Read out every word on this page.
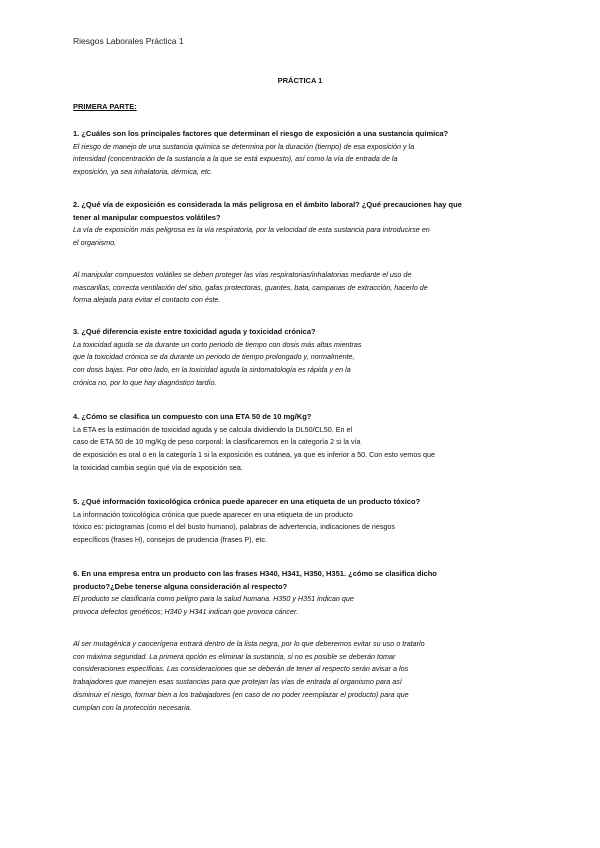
Riesgos Laborales Práctica 1
PRÁCTICA 1
PRIMERA PARTE:
1. ¿Cuáles son los principales factores que determinan el riesgo de exposición a una sustancia química?
El riesgo de manejo de una sustancia química se determina por la duración (tiempo) de esa exposición y la
intensidad (concentración de la sustancia a la que se está expuesto), así como la vía de entrada de la
exposición, ya sea inhalatoria, dérmica, etc.
2. ¿Qué vía de exposición es considerada la más peligrosa en el ámbito laboral? ¿Qué precauciones hay que
tener al manipular compuestos volátiles?
La vía de exposición más peligrosa es la vía respiratoria, por la velocidad de esta sustancia para introducirse en
el organismo.
Al manipular compuestos volátiles se deben proteger las vías respiratorias/inhalatorias mediante el uso de
mascarillas, correcta ventilación del sitio, gafas protectoras, guantes, bata, campanas de extracción, hacerlo de
forma alejada para evitar el contacto con éste.
3. ¿Qué diferencia existe entre toxicidad aguda y toxicidad crónica?
La toxicidad aguda se da durante un corto periodo de tiempo con dosis más altas mientras
que la toxicidad crónica se da durante un periodo de tiempo prolongado y, normalmente,
con dosis bajas. Por otro lado, en la toxicidad aguda la sintomatología es rápida y en la
crónica no, por lo que hay diagnóstico tardío.
4. ¿Cómo se clasifica un compuesto con una ETA 50 de 10 mg/Kg?
La ETA es la estimación de toxicidad aguda y se calcula dividiendo la DL50/CL50. En el
caso de ETA 50 de 10 mg/Kg de peso corporal: la clasificaremos en la categoría 2 si la vía
de exposición es oral o en la categoría 1 si la exposición es cutánea, ya que es inferior a 50. Con esto vemos que
la toxicidad cambia según qué vía de exposición sea.
5. ¿Qué información toxicológica crónica puede aparecer en una etiqueta de un producto tóxico?
La información toxicológica crónica que puede aparecer en una etiqueta de un producto
tóxico es: pictogramas (como el del busto humano), palabras de advertencia, indicaciones de riesgos
específicos (frases H), consejos de prudencia (frases P), etc.
6. En una empresa entra un producto con las frases H340, H341, H350, H351. ¿cómo se clasifica dicho
producto?¿Debe tenerse alguna consideración al respecto?
El producto se clasificaría como peligro para la salud humana. H350 y H351 indican que
provoca defectos genéticos; H340 y H341 indican que provoca cáncer.
Al ser mutagénica y cancerígena entrará dentro de la lista negra, por lo que deberemos evitar su uso o tratarlo
con máxima seguridad. La primera opción es eliminar la sustancia, si no es posible se deberán tomar
consideraciones específicas. Las consideraciones que se deberán de tener al respecto serán avisar a los
trabajadores que manejen esas sustancias para que protejan las vías de entrada al organismo para así
disminuir el riesgo, formar bien a los trabajadores (en caso de no poder reemplazar el producto) para que
cumplan con la protección necesaria.
